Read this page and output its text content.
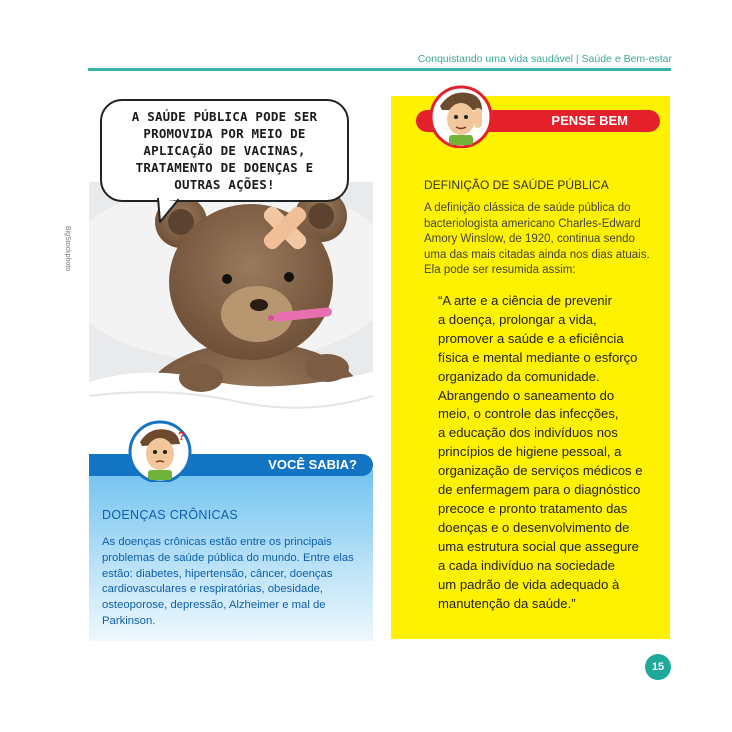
Conquistando uma vida saudável | Saúde e Bem-estar
BigStockphoto
A SAÚDE PÚBLICA PODE SER PROMOVIDA POR MEIO DE APLICAÇÃO DE VACINAS, TRATAMENTO DE DOENÇAS E OUTRAS AÇÕES!
VOCÊ SABIA?
?
DOENÇAS CRÔNICAS
As doenças crônicas estão entre os principais problemas de saúde pública do mundo. Entre elas estão: diabetes, hipertensão, câncer, doenças cardiovasculares e respiratórias, obesidade, osteoporose, depressão, Alzheimer e mal de Parkinson.
PENSE BEM
DEFINIÇÃO DE SAÚDE PÚBLICA
A definição clássica de saúde pública do bacteriologista americano Charles-Edward Amory Winslow, de 1920, continua sendo uma das mais citadas ainda nos dias atuais. Ela pode ser resumida assim:
“A arte e a ciência de prevenir
a doença, prolongar a vida,
promover a saúde e a eficiência
física e mental mediante o esforço
organizado da comunidade.
Abrangendo o saneamento do
meio, o controle das infecções,
a educação dos indivíduos nos
princípios de higiene pessoal, a
organização de serviços médicos e
de enfermagem para o diagnóstico
precoce e pronto tratamento das
doenças e o desenvolvimento de
uma estrutura social que assegure
a cada indivíduo na sociedade
um padrão de vida adequado à
manutenção da saúde.”
15
